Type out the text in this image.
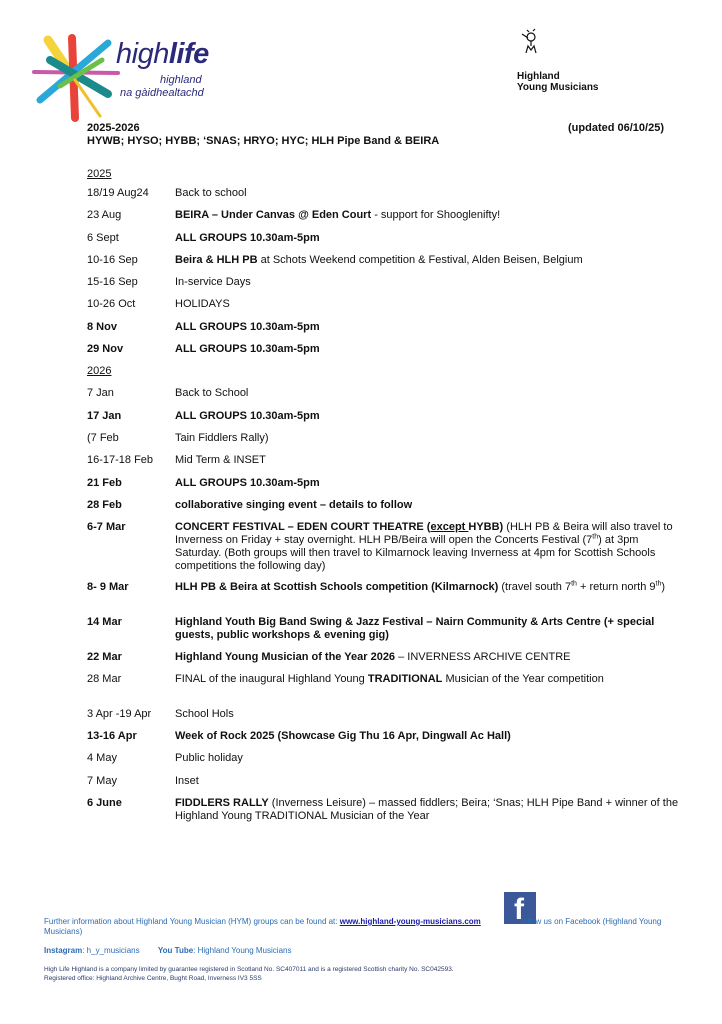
highlife
highland
na gàidhealtachd
Highland
Young Musicians
2025-2026
HYWB; HYSO; HYBB; ‘SNAS; HRYO; HYC; HLH Pipe Band & BEIRA
(updated 06/10/25)
2025
18/19 Aug24	Back to school
23 Aug	BEIRA – Under Canvas @ Eden Court - support for Shooglenifty!
6 Sept	ALL GROUPS 10.30am-5pm
10-16 Sep	Beira & HLH PB at Schots Weekend competition & Festival, Alden Beisen, Belgium
15-16 Sep	In-service Days
10-26 Oct	HOLIDAYS
8 Nov	ALL GROUPS 10.30am-5pm
29 Nov	ALL GROUPS 10.30am-5pm
2026
7 Jan	Back to School
17 Jan	ALL GROUPS 10.30am-5pm
(7 Feb	Tain Fiddlers Rally)
16-17-18 Feb	Mid Term & INSET
21 Feb	ALL GROUPS 10.30am-5pm
28 Feb	collaborative singing event – details to follow
6-7 Mar	CONCERT FESTIVAL – EDEN COURT THEATRE (except HYBB) (HLH PB & Beira will also travel to Inverness on Friday + stay overnight. HLH PB/Beira will open the Concerts Festival (7th) at 3pm Saturday. (Both groups will then travel to Kilmarnock leaving Inverness at 4pm for Scottish Schools competitions the following day)
8- 9 Mar	HLH PB & Beira at Scottish Schools competition (Kilmarnock) (travel south 7th + return north 9th)
14 Mar	Highland Youth Big Band Swing & Jazz Festival – Nairn Community & Arts Centre (+ special guests, public workshops & evening gig)
22 Mar	Highland Young Musician of the Year 2026 – INVERNESS ARCHIVE CENTRE
28 Mar	FINAL of the inaugural Highland Young TRADITIONAL Musician of the Year competition
3 Apr -19 Apr	School Hols
13-16 Apr	Week of Rock 2025 (Showcase Gig Thu 16 Apr, Dingwall Ac Hall)
4 May	Public holiday
7 May	Inset
6 June	FIDDLERS RALLY (Inverness Leisure) – massed fiddlers; Beira; ‘Snas; HLH Pipe Band + winner of the Highland Young TRADITIONAL Musician of the Year
f
Further information about Highland Young Musician (HYM) groups can be found at: www.highland-young-musicians.com	follow us on Facebook (Highland Young Musicians)
Instagram: h_y_musicians You Tube: Highland Young Musicians
High Life Highland is a company limited by guarantee registered in Scotland No. SC407011 and is a registered Scottish charity No. SC042593.
Registered office: Highland Archive Centre, Bught Road, Inverness IV3 5SS
